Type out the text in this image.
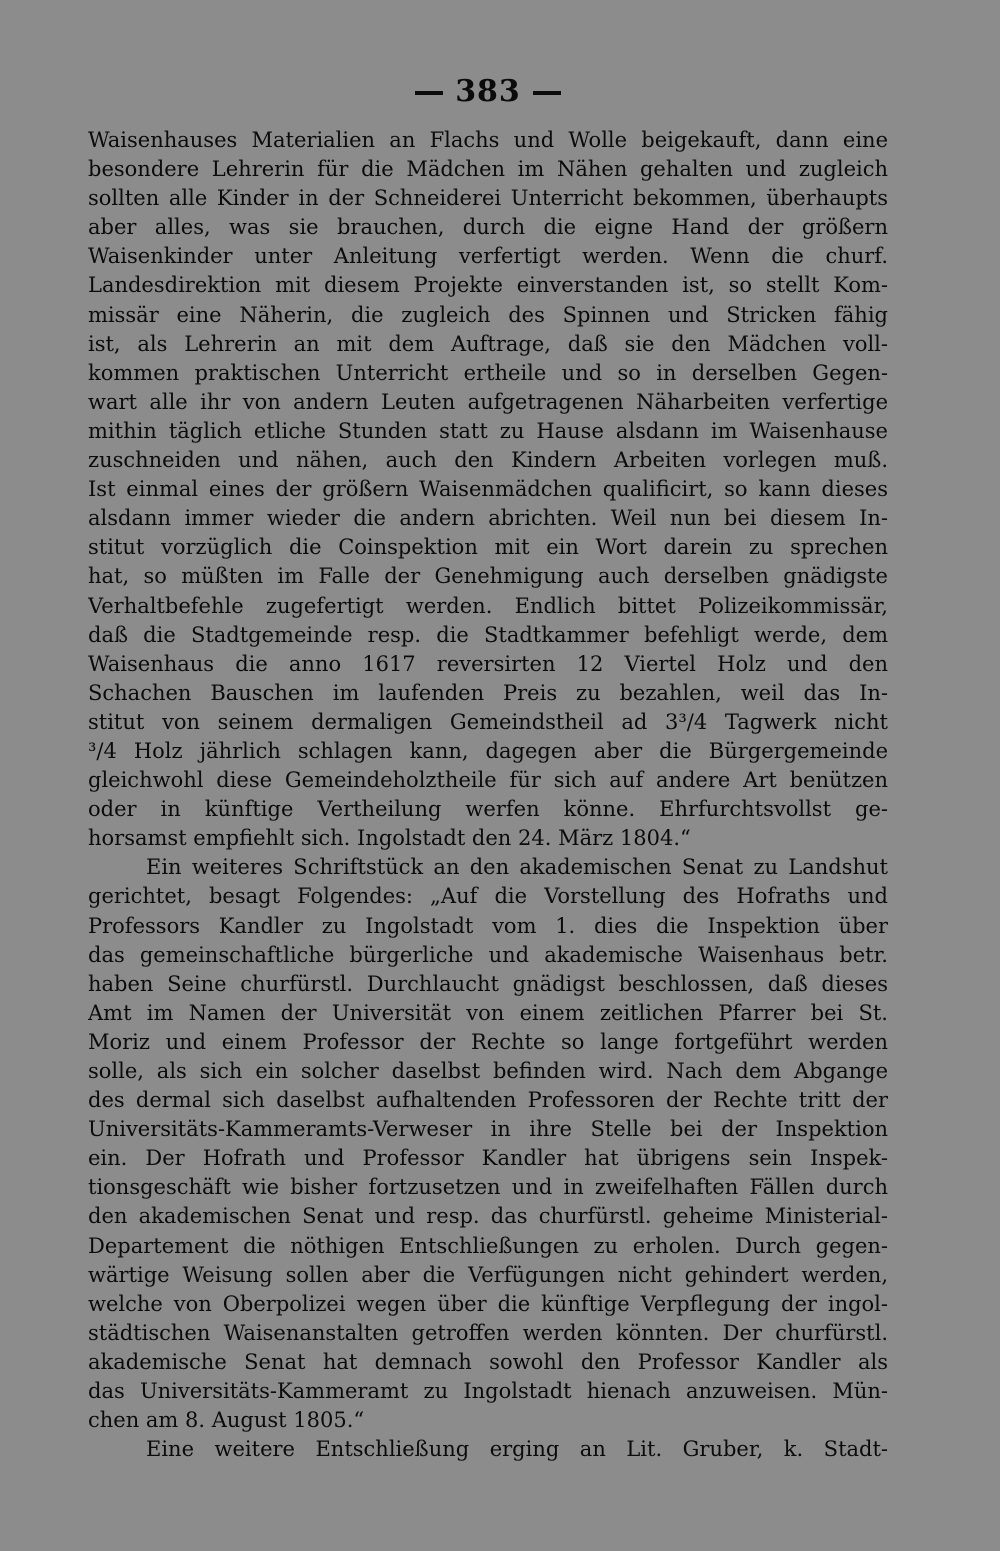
383
Waisenhauses Materialien an Flachs und Wolle beigekauft, dann eine
besondere Lehrerin für die Mädchen im Nähen gehalten und zugleich
sollten alle Kinder in der Schneiderei Unterricht bekommen, überhaupts
aber alles, was sie brauchen, durch die eigne Hand der größern
Waisenkinder unter Anleitung verfertigt werden. Wenn die churf.
Landesdirektion mit diesem Projekte einverstanden ist, so stellt Kom-
missär eine Näherin, die zugleich des Spinnen und Stricken fähig
ist, als Lehrerin an mit dem Auftrage, daß sie den Mädchen voll-
kommen praktischen Unterricht ertheile und so in derselben Gegen-
wart alle ihr von andern Leuten aufgetragenen Näharbeiten verfertige
mithin täglich etliche Stunden statt zu Hause alsdann im Waisenhause
zuschneiden und nähen, auch den Kindern Arbeiten vorlegen muß.
Ist einmal eines der größern Waisenmädchen qualificirt, so kann dieses
alsdann immer wieder die andern abrichten. Weil nun bei diesem In-
stitut vorzüglich die Coinspektion mit ein Wort darein zu sprechen
hat, so müßten im Falle der Genehmigung auch derselben gnädigste
Verhaltbefehle zugefertigt werden. Endlich bittet Polizeikommissär,
daß die Stadtgemeinde resp. die Stadtkammer befehligt werde, dem
Waisenhaus die anno 1617 reversirten 12 Viertel Holz und den
Schachen Bauschen im laufenden Preis zu bezahlen, weil das In-
stitut von seinem dermaligen Gemeindstheil ad 3³/4 Tagwerk nicht
³/4 Holz jährlich schlagen kann, dagegen aber die Bürgergemeinde
gleichwohl diese Gemeindeholztheile für sich auf andere Art benützen
oder in künftige Vertheilung werfen könne. Ehrfurchtsvollst ge-
horsamst empfiehlt sich. Ingolstadt den 24. März 1804.“
Ein weiteres Schriftstück an den akademischen Senat zu Landshut
gerichtet, besagt Folgendes: „Auf die Vorstellung des Hofraths und
Professors Kandler zu Ingolstadt vom 1. dies die Inspektion über
das gemeinschaftliche bürgerliche und akademische Waisenhaus betr.
haben Seine churfürstl. Durchlaucht gnädigst beschlossen, daß dieses
Amt im Namen der Universität von einem zeitlichen Pfarrer bei St.
Moriz und einem Professor der Rechte so lange fortgeführt werden
solle, als sich ein solcher daselbst befinden wird. Nach dem Abgange
des dermal sich daselbst aufhaltenden Professoren der Rechte tritt der
Universitäts-Kammeramts-Verweser in ihre Stelle bei der Inspektion
ein. Der Hofrath und Professor Kandler hat übrigens sein Inspek-
tionsgeschäft wie bisher fortzusetzen und in zweifelhaften Fällen durch
den akademischen Senat und resp. das churfürstl. geheime Ministerial-
Departement die nöthigen Entschließungen zu erholen. Durch gegen-
wärtige Weisung sollen aber die Verfügungen nicht gehindert werden,
welche von Oberpolizei wegen über die künftige Verpflegung der ingol-
städtischen Waisenanstalten getroffen werden könnten. Der churfürstl.
akademische Senat hat demnach sowohl den Professor Kandler als
das Universitäts-Kammeramt zu Ingolstadt hienach anzuweisen. Mün-
chen am 8. August 1805.“
Eine weitere Entschließung erging an Lit. Gruber, k. Stadt-
